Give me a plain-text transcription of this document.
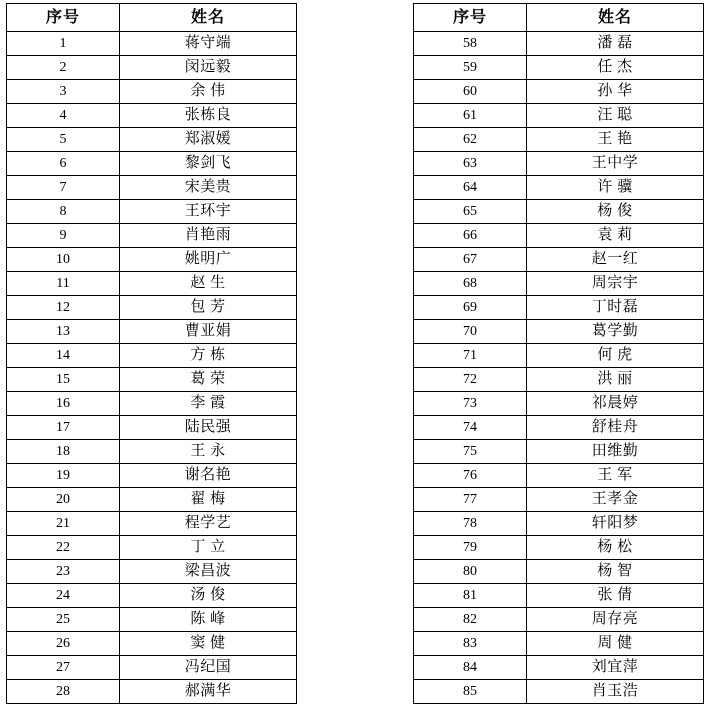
序号	姓名
1	蒋守端
2	闵远毅
3	余 伟
4	张栋良
5	郑淑媛
6	黎剑飞
7	宋美贵
8	王环宇
9	肖艳雨
10	姚明广
11	赵 生
12	包 芳
13	曹亚娟
14	方 栋
15	葛 荣
16	李 霞
17	陆民强
18	王 永
19	谢名艳
20	翟 梅
21	程学艺
22	丁 立
23	梁昌波
24	汤 俊
25	陈 峰
26	窦 健
27	冯纪国
28	郝满华
序号	姓名
58	潘 磊
59	任 杰
60	孙 华
61	汪 聪
62	王 艳
63	王中学
64	许 骥
65	杨 俊
66	袁 莉
67	赵一红
68	周宗宇
69	丁时磊
70	葛学勤
71	何 虎
72	洪 丽
73	祁晨婷
74	舒桂舟
75	田维勤
76	王 军
77	王孝金
78	轩阳梦
79	杨 松
80	杨 智
81	张 倩
82	周存亮
83	周 健
84	刘宜萍
85	肖玉浩
